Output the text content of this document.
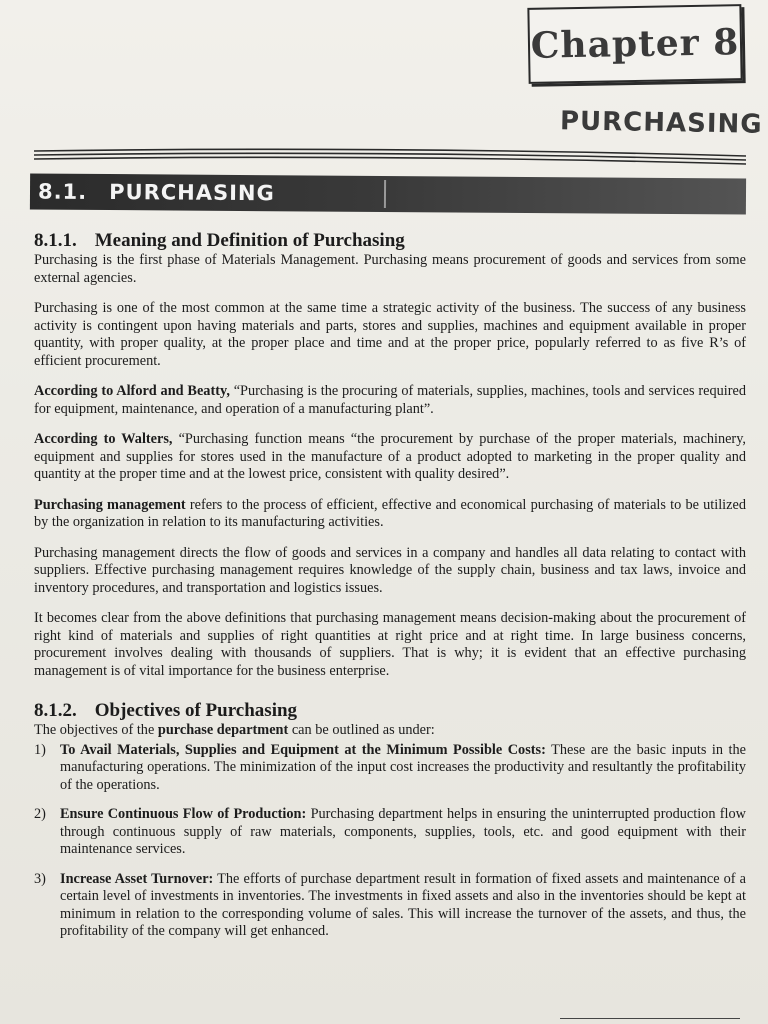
Chapter 8
PURCHASING
8.1. PURCHASING
8.1.1. Meaning and Definition of Purchasing

Purchasing is the first phase of Materials Management. Purchasing means procurement of goods and services from some external agencies.

Purchasing is one of the most common at the same time a strategic activity of the business. The success of any business activity is contingent upon having materials and parts, stores and supplies, machines and equipment available in proper quantity, with proper quality, at the proper place and time and at the proper price, popularly referred to as five R’s of efficient procurement.

According to Alford and Beatty, “Purchasing is the procuring of materials, supplies, machines, tools and services required for equipment, maintenance, and operation of a manufacturing plant”.

According to Walters, “Purchasing function means “the procurement by purchase of the proper materials, machinery, equipment and supplies for stores used in the manufacture of a product adopted to marketing in the proper quality and quantity at the proper time and at the lowest price, consistent with quality desired”.

Purchasing management refers to the process of efficient, effective and economical purchasing of materials to be utilized by the organization in relation to its manufacturing activities.

Purchasing management directs the flow of goods and services in a company and handles all data relating to contact with suppliers. Effective purchasing management requires knowledge of the supply chain, business and tax laws, invoice and inventory procedures, and transportation and logistics issues.

It becomes clear from the above definitions that purchasing management means decision-making about the procurement of right kind of materials and supplies of right quantities at right price and at right time. In large business concerns, procurement involves dealing with thousands of suppliers. That is why; it is evident that an effective purchasing management is of vital importance for the business enterprise.

8.1.2. Objectives of Purchasing

The objectives of the purchase department can be outlined as under:

1) To Avail Materials, Supplies and Equipment at the Minimum Possible Costs: These are the basic inputs in the manufacturing operations. The minimization of the input cost increases the productivity and resultantly the profitability of the operations.
2) Ensure Continuous Flow of Production: Purchasing department helps in ensuring the uninterrupted production flow through continuous supply of raw materials, components, supplies, tools, etc. and good equipment with their maintenance services.
3) Increase Asset Turnover: The efforts of purchase department result in formation of fixed assets and maintenance of a certain level of investments in inventories. The investments in fixed assets and also in the inventories should be kept at minimum in relation to the corresponding volume of sales. This will increase the turnover of the assets, and thus, the profitability of the company will get enhanced.
